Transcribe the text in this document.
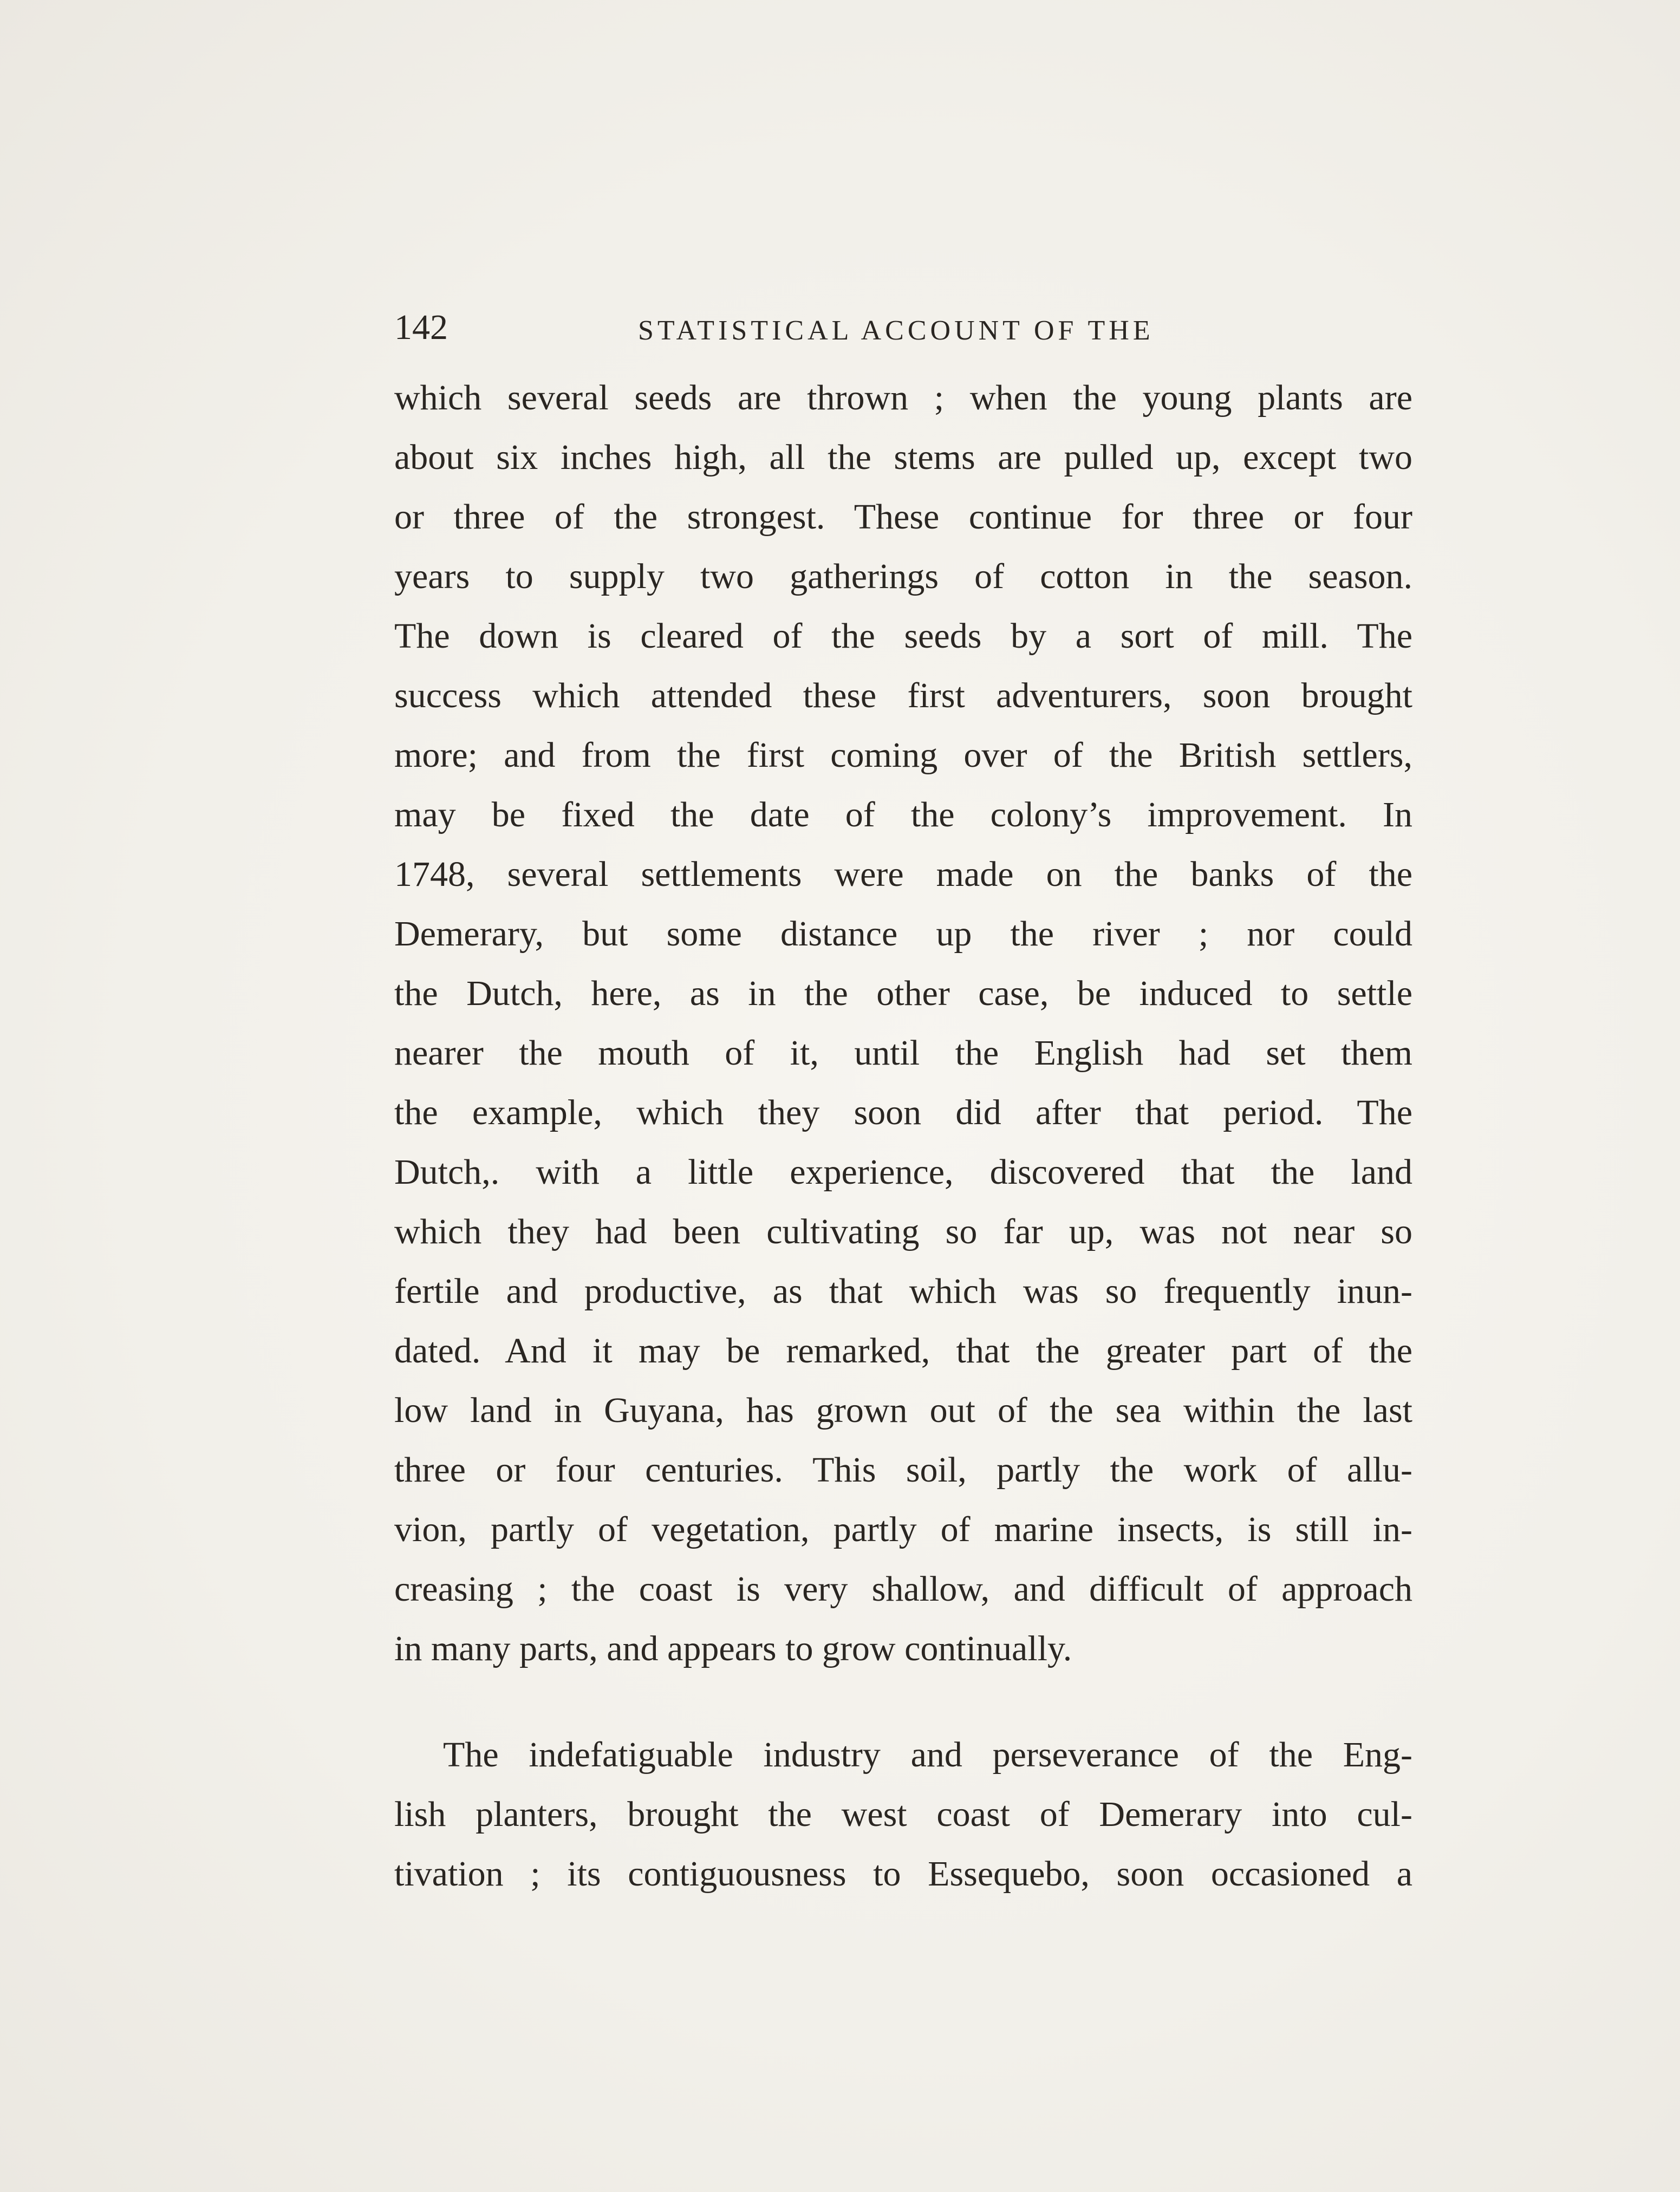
142	STATISTICAL ACCOUNT OF THE
which several seeds are thrown ; when the young plants are
about six inches high, all the stems are pulled up, except two
or three of the strongest. These continue for three or four
years to supply two gatherings of cotton in the season.
The down is cleared of the seeds by a sort of mill. The
success which attended these first adventurers, soon brought
more; and from the first coming over of the British settlers,
may be fixed the date of the colony’s improvement. In
1748, several settlements were made on the banks of the
Demerary, but some distance up the river ; nor could
the Dutch, here, as in the other case, be induced to settle
nearer the mouth of it, until the English had set them
the example, which they soon did after that period. The
Dutch,. with a little experience, discovered that the land
which they had been cultivating so far up, was not near so
fertile and productive, as that which was so frequently inun-
dated. And it may be remarked, that the greater part of the
low land in Guyana, has grown out of the sea within the last
three or four centuries. This soil, partly the work of allu-
vion, partly of vegetation, partly of marine insects, is still in-
creasing ; the coast is very shallow, and difficult of approach
in many parts, and appears to grow continually.
The indefatiguable industry and perseverance of the Eng-
lish planters, brought the west coast of Demerary into cul-
tivation ; its contiguousness to Essequebo, soon occasioned a
